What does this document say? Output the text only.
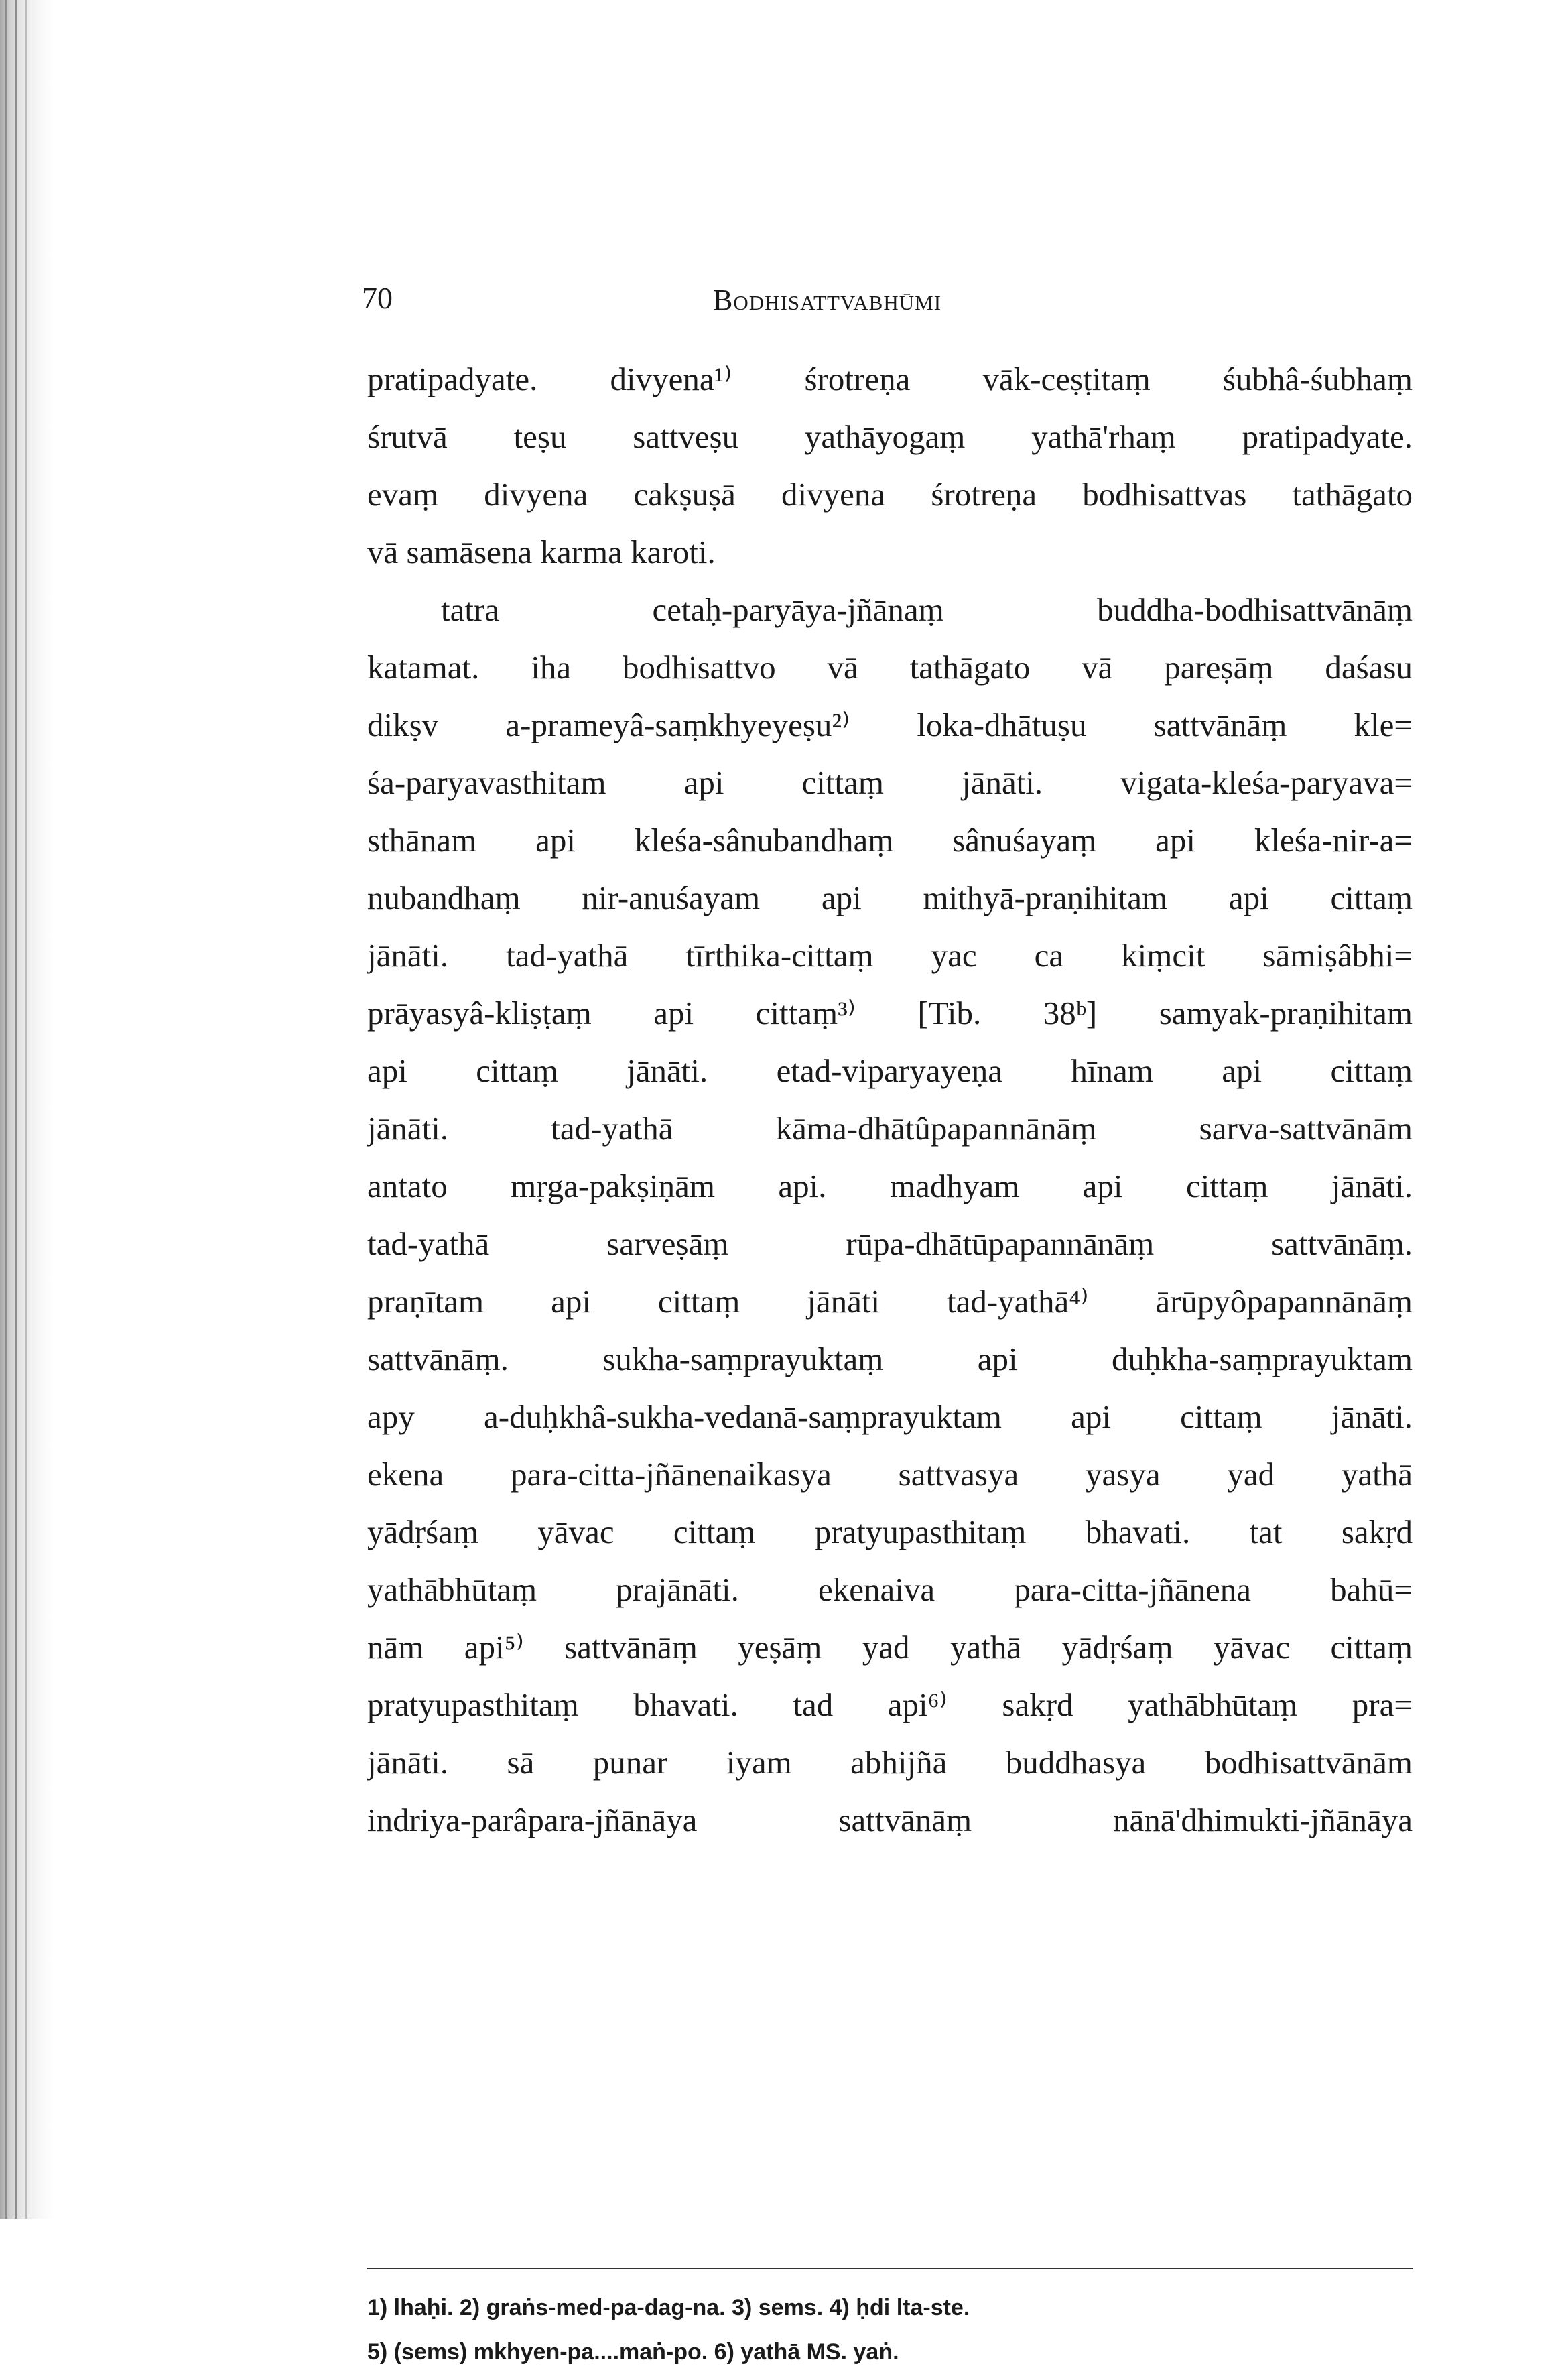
70	Bodhisattvabhūmi
pratipadyate. divyena¹⁾ śrotreṇa vāk-ceṣṭitaṃ śubhâ-śubhaṃ
śrutvā teṣu sattveṣu yathāyogaṃ yathā'rhaṃ pratipadyate.
evaṃ divyena cakṣuṣā divyena śrotreṇa bodhisattvas tathāgato
vā samāsena karma karoti.
tatra cetaḥ-paryāya-jñānaṃ buddha-bodhisattvānāṃ
katamat. iha bodhisattvo vā tathāgato vā pareṣāṃ daśasu
dikṣv a-prameyâ-saṃkhyeyeṣu²⁾ loka-dhātuṣu sattvānāṃ kle=
śa-paryavasthitam api cittaṃ jānāti. vigata-kleśa-paryava=
sthānam api kleśa-sânubandhaṃ sânuśayaṃ api kleśa-nir-a=
nubandhaṃ nir-anuśayam api mithyā-praṇihitam api cittaṃ
jānāti. tad-yathā tīrthika-cittaṃ yac ca kiṃcit sāmiṣâbhi=
prāyasyâ-kliṣṭaṃ api cittaṃ³⁾ [Tib. 38ᵇ] samyak-praṇihitam
api cittaṃ jānāti. etad-viparyayeṇa hīnam api cittaṃ
jānāti. tad-yathā kāma-dhātûpapannānāṃ sarva-sattvānām
antato mṛga-pakṣiṇām api. madhyam api cittaṃ jānāti.
tad-yathā sarveṣāṃ rūpa-dhātūpapannānāṃ sattvānāṃ.
praṇītam api cittaṃ jānāti tad-yathā⁴⁾ ārūpyôpapannānāṃ
sattvānāṃ. sukha-saṃprayuktaṃ api duḥkha-saṃprayuktam
apy a-duḥkhâ-sukha-vedanā-saṃprayuktam api cittaṃ jānāti.
ekena para-citta-jñānenaikasya sattvasya yasya yad yathā
yādṛśaṃ yāvac cittaṃ pratyupasthitaṃ bhavati. tat sakṛd
yathābhūtaṃ prajānāti. ekenaiva para-citta-jñānena bahū=
nām api⁵⁾ sattvānāṃ yeṣāṃ yad yathā yādṛśaṃ yāvac cittaṃ
pratyupasthitaṃ bhavati. tad api⁶⁾ sakṛd yathābhūtaṃ pra=
jānāti. sā punar iyam abhijñā buddhasya bodhisattvānām
indriya-parâpara-jñānāya sattvānāṃ nānā'dhimukti-jñānāya
1) lhaḥi. 2) graṅs-med-pa-dag-na. 3) sems. 4) ḥdi lta-ste.
5) (sems) mkhyen-pa....maṅ-po. 6) yathā MS. yaṅ.
